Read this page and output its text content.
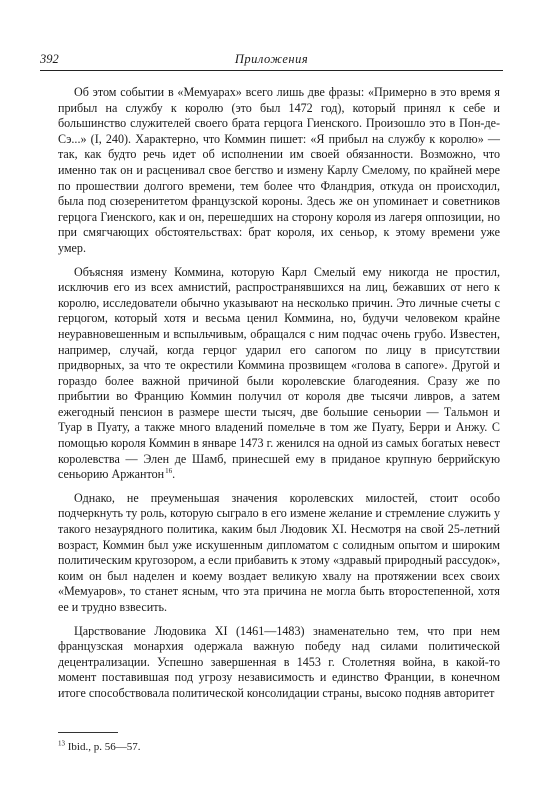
392	Приложения

Об этом событии в «Мемуарах» всего лишь две фразы: «Примерно в это время я прибыл на службу к королю (это был 1472 год), который принял к себе и большинство служителей своего брата герцога Гиенского. Произошло это в Пон-де-Сэ...» (I, 240). Характерно, что Коммин пишет: «Я прибыл на службу к королю» — так, как будто речь идет об исполнении им своей обязанности. Возможно, что именно так он и расценивал свое бегство и измену Карлу Смелому, по крайней мере по прошествии долгого времени, тем более что Фландрия, откуда он происходил, была под сюзеренитетом французской короны. Здесь же он упоминает и советников герцога Гиенского, как и он, перешедших на сторону короля из лагеря оппозиции, но при смягчающих обстоятельствах: брат короля, их сеньор, к этому времени уже умер.

Объясняя измену Коммина, которую Карл Смелый ему никогда не простил, исключив его из всех амнистий, распространявшихся на лиц, бежавших от него к королю, исследователи обычно указывают на несколько причин. Это личные счеты с герцогом, который хотя и весьма ценил Коммина, но, будучи человеком крайне неуравновешенным и вспыльчивым, обращался с ним подчас очень грубо. Известен, например, случай, когда герцог ударил его сапогом по лицу в присутствии придворных, за что те окрестили Коммина прозвищем «голова в сапоге». Другой и гораздо более важной причиной были королевские благодеяния. Сразу же по прибытии во Францию Коммин получил от короля две тысячи ливров, а затем ежегодный пенсион в размере шести тысяч, две большие сеньории — Тальмон и Туар в Пуату, а также много владений помельче в том же Пуату, Берри и Анжу. С помощью короля Коммин в январе 1473 г. женился на одной из самых богатых невест королевства — Элен де Шамб, принесшей ему в приданое крупную беррийскую сеньорию Аржантон $^{16}$.

Однако, не преуменьшая значения королевских милостей, стоит особо подчеркнуть ту роль, которую сыграло в его измене желание и стремление служить у такого незаурядного политика, каким был Людовик XI. Несмотря на свой 25-летний возраст, Коммин был уже искушенным дипломатом с солидным опытом и широким политическим кругозором, а если прибавить к этому «здравый природный рассудок», коим он был наделен и коему воздает великую хвалу на протяжении всех своих «Мемуаров», то станет ясным, что эта причина не могла быть второстепенной, хотя ее и трудно взвесить.

Царствование Людовика XI (1461—1483) знаменательно тем, что при нем французская монархия одержала важную победу над силами политической децентрализации. Успешно завершенная в 1453 г. Столетняя война, в какой-то момент поставившая под угрозу независимость и единство Франции, в конечном итоге способствовала политической консолидации страны, высоко подняв авторитет

$^{13}$ Ibid., p. 56—57.
